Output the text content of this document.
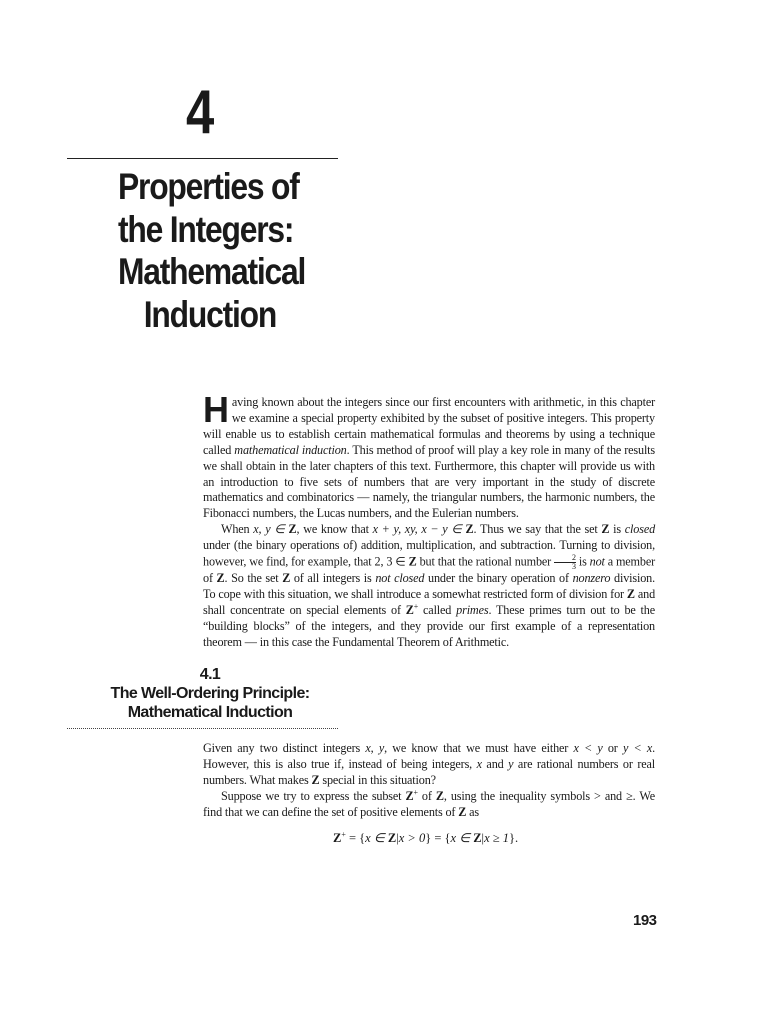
4
Properties of
the Integers:
Mathematical
Induction

Having known about the integers since our first encounters with arithmetic, in this chapter we examine a special property exhibited by the subset of positive integers. This property will enable us to establish certain mathematical formulas and theorems by using a technique called mathematical induction. This method of proof will play a key role in many of the results we shall obtain in the later chapters of this text. Furthermore, this chapter will provide us with an introduction to five sets of numbers that are very important in the study of discrete mathematics and combinatorics — namely, the triangular numbers, the harmonic numbers, the Fibonacci numbers, the Lucas numbers, and the Eulerian numbers.

When x, y ∈ Z, we know that x + y, xy, x − y ∈ Z. Thus we say that the set Z is closed under (the binary operations of) addition, multiplication, and subtraction. Turning to division, however, we find, for example, that 2, 3 ∈ Z but that the rational number $\frac{2}{3}$ is not a member of Z. So the set Z of all integers is not closed under the binary operation of nonzero division. To cope with this situation, we shall introduce a somewhat restricted form of division for Z and shall concentrate on special elements of Z+ called primes. These primes turn out to be the “building blocks” of the integers, and they provide our first example of a representation theorem — in this case the Fundamental Theorem of Arithmetic.

4.1
The Well-Ordering Principle:
Mathematical Induction

Given any two distinct integers x, y, we know that we must have either x < y or y < x. However, this is also true if, instead of being integers, x and y are rational numbers or real numbers. What makes Z special in this situation?

Suppose we try to express the subset Z+ of Z, using the inequality symbols > and ≥. We find that we can define the set of positive elements of Z as

Z+ = {x ∈ Z|x > 0} = {x ∈ Z|x ≥ 1}.
193
